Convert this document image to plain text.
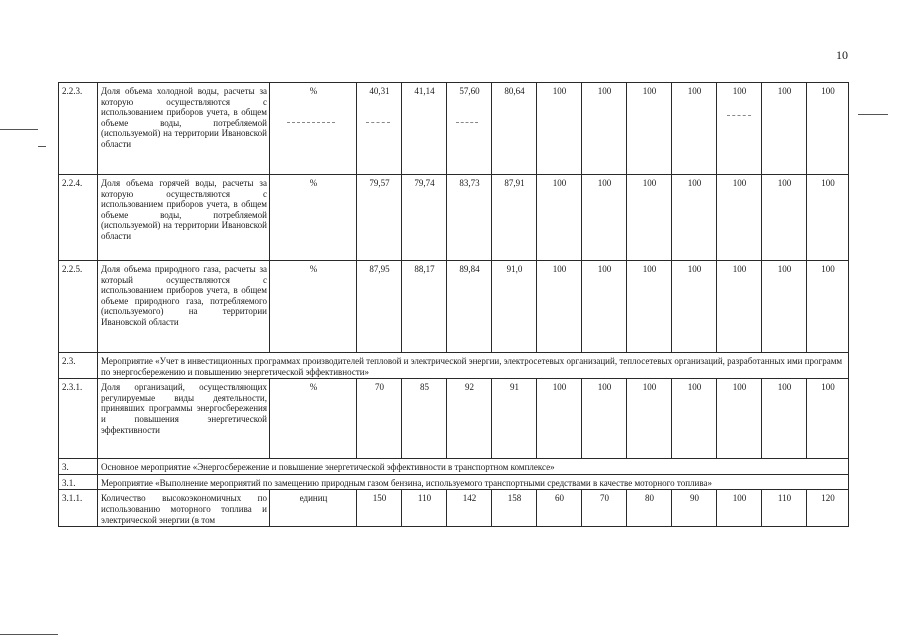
10
2.2.3.	Доля объема холодной воды, расчеты за которую осуществляются с использованием приборов учета, в общем объеме воды, потребляемой (используемой) на территории Ивановской области	%	40,31	41,14	57,60	80,64	100	100	100	100	100	100	100
2.2.4.	Доля объема горячей воды, расчеты за которую осуществляются с использованием приборов учета, в общем объеме воды, потребляемой (используемой) на территории Ивановской области	%	79,57	79,74	83,73	87,91	100	100	100	100	100	100	100
2.2.5.	Доля объема природного газа, расчеты за который осуществляются с использованием приборов учета, в общем объеме природного газа, потребляемого (используемого) на территории Ивановской области	%	87,95	88,17	89,84	91,0	100	100	100	100	100	100	100
2.3.	Мероприятие «Учет в инвестиционных программах производителей тепловой и электрической энергии, электросетевых организаций, теплосетевых организаций, разработанных ими программ по энергосбережению и повышению энергетической эффективности»												
2.3.1.	Доля организаций, осуществляющих регулируемые виды деятельности, принявших программы энергосбережения и повышения энергетической эффективности	%	70	85	92	91	100	100	100	100	100	100	100
3.	Основное мероприятие «Энергосбережение и повышение энергетической эффективности в транспортном комплексе»												
3.1.	Мероприятие «Выполнение мероприятий по замещению природным газом бензина, используемого транспортными средствами в качестве моторного топлива»												
3.1.1.	Количество высокоэкономичных по использованию моторного топлива и электрической энергии (в том	единиц	150	110	142	158	60	70	80	90	100	110	120
